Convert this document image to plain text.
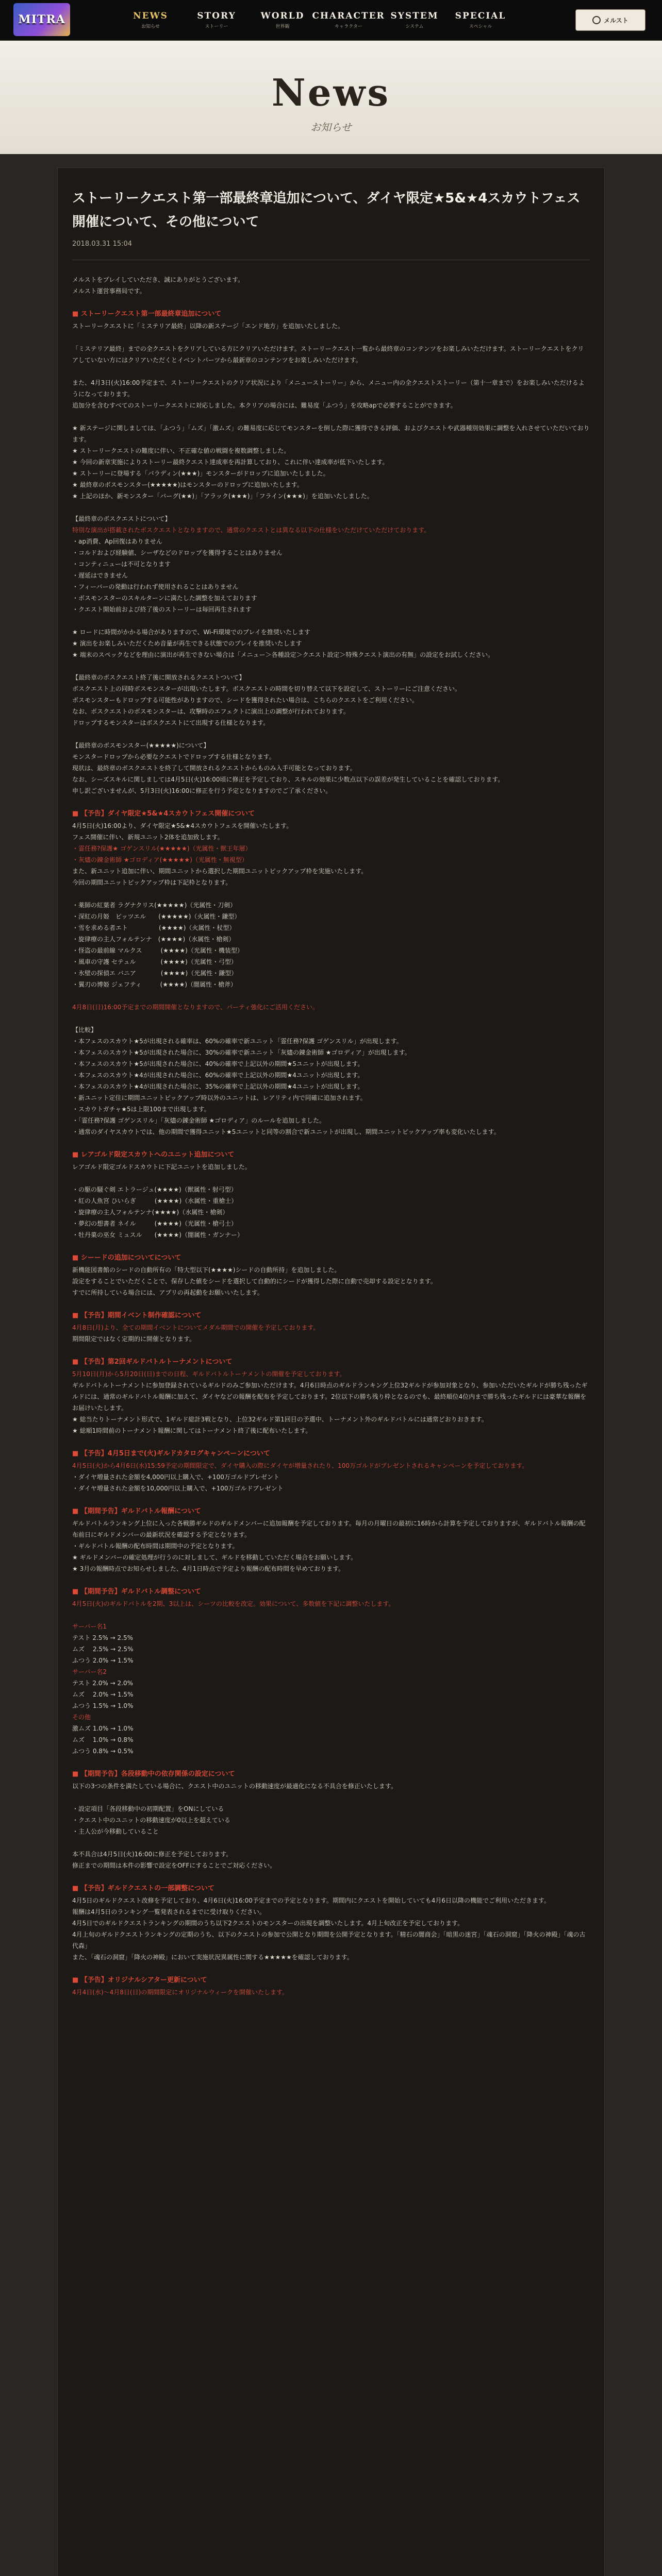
MITRA	NEWS
お知らせ
STORY
ストーリー
WORLD
世界観
CHARACTER
キャラクター
SYSTEM
システム
SPECIAL
スペシャル
メルスト
News
お知らせ
ストーリークエスト第一部最終章追加について、ダイヤ限定★5&★4スカウトフェス開催について、その他について
2018.03.31 15:04
メルストをプレイしていただき、誠にありがとうございます。
メルスト運営事務局です。
■ ストーリークエスト第一部最終章追加について
ストーリークエストに「ミステリア最終」以降の新ステージ「エンド地方」を追加いたしました。
「ミステリア最終」までの全クエストをクリアしている方にクリアいただけます。ストーリークエスト一覧から最終章のコンテンツをお楽しみいただけます。ストーリークエストをクリアしていない方にはクリアいただくとイベントパーツから最新章のコンテンツをお楽しみいただけます。
また、4月3日(火)16:00予定まで、ストーリークエストのクリア状況により「メニューストーリー」から、メニュー内の全クエストストーリー（第十一章まで）をお楽しみいただけるようになっております。
追加分を含むすべてのストーリークエストに対応しました。本クリアの場合には、難易度「ふつう」を攻略apで必要することができます。
★ 新ステージに関しましては、「ふつう」「ムズ」「激ムズ」の難易度に応じてモンスターを倒した際に獲得できる評価、およびクエストや武器種別効果に調整を入れさせていただいております。
★ ストーリークエストの難度に伴い、不正確な値の戦闘を複数調整しました。
★ 今回の新章実施によりストーリー最終クエスト達成率を再計算しており、これに伴い達成率が低下いたします。
★ ストーリーに登場する「パラディン(★★★)」モンスターがドロップに追加いたしました。
★ 最終章のボスモンスター(★★★★★)はモンスターのドロップに追加いたします。
★ 上記のほか、新モンスター「バーグ(★★)」「アラック(★★★)」「フライン(★★★)」を追加いたしました。
【最終章のボスクエストについて】
特別な演出が搭載されたボスクエストとなりますので、通常のクエストとは異なる以下の仕様をいただけていただけております。
・ap消費、Ap回復はありません
・コルドおよび経験値、シーザなどのドロップを獲得することはありません
・コンティニューは不可となります
・遅延はできません
・フィーバーの発動は行われず使用されることはありません
・ボスモンスターのスキルターンに満たした調整を加えております
・クエスト開始前および終了後のストーリーは毎回再生されます
★ ロードに時間がかかる場合がありますので、Wi-Fi環境でのプレイを推奨いたします
★ 演出をお楽しみいただくため音量が再生できる状態でのプレイを推奨いたします
★ 端末のスペックなどを理由に演出が再生できない場合は「メニュー＞各種設定＞クエスト設定＞特殊クエスト演出の有無」の設定をお試しください。
【最終章のボスクエスト終了後に開放されるクエストついて】
ボスクエスト上の同時ボスモンスターが出現いたします。ボスクエストの時間を切り替えて以下を設定して、ストーリーにご注意ください。
ボスモンスターもドロップする可能性がありますので、シードを獲得されたい場合は、こちらのクエストをご利用ください。
なお、ボスクエストのボスモンスターは、攻撃時のエフェクトに演出上の調整が行われております。
ドロップするモンスターはボスクエストにて出現する仕様となります。
【最終章のボスモンスター(★★★★★)について】
モンスタードロップから必要なクエストでドロップする仕様となります。
現状は、最終章のボスクエストを終了して開放されるクエストからものみ入手可能となっております。
なお、シーズスキルに関しましては4月5日(火)16:00頃に修正を予定しており、スキルの効果に少数点以下の誤差が発生していることを確認しております。
申し訳ございませんが、5月3日(火)16:00に修正を行う予定となりますのでご了承ください。
■ 【予告】ダイヤ限定★5&★4スカウトフェス開催について
4月5日(火)16:00より、ダイヤ限定★5&★4スカウトフェスを開催いたします。
フェス開催に伴い、新規ユニット2体を追加致します。
・霊任務?保護★ ゴゲンスリル(★★★★★)（光属性・獣王年層）
・灰燼の錬金術師 ★ゴロディア(★★★★★)（光属性・無視型）
また、新ユニット追加に伴い、期間ユニットから選択した期間ユニットピックアップ枠を実施いたします。
今回の期間ユニットピックアップ枠は下記枠となります。
・薬師の紅葉者 ラグナクリス(★★★★★)（光属性・刀剣）
・深紅の月姫　ビッツエル　　(★★★★★)（火属性・鎌型）
・雪を求める者エト　　　　　(★★★★)（火属性・杖型）
・旋律療の主人フォルテンナ　(★★★★)（水属性・槍剣）
・怪盗の最前線 マルクス　　　(★★★★)（光属性・機装型）
・風車の守護 セテュル　　　　(★★★★)（光属性・弓型）
・氷壁の探偵エ バニア　　　　(★★★★)（光属性・鎌型）
・翼刃の博姫 ジェフティ　　　(★★★★)（闇属性・槍斧）
4月8日(日)16:00予定までの期間開催となりますので、パーティ強化にご活用ください。
【比較】
・本フェスのスカウト★5が出現される確率は、60%の確率で新ユニット「霊任務?保護 ゴゲンスリル」が出現します。
・本フェスのスカウト★5が出現された場合に、30%の確率で新ユニット「灰燼の錬金術師 ★ゴロディア」が出現します。
・本フェスのスカウト★5が出現された場合に、40%の確率で上記以外の期間★5ユニットが出現します。
・本フェスのスカウト★4が出現された場合に、60%の確率で上記以外の期間★4ユニットが出現します。
・本フェスのスカウト★4が出現された場合に、35%の確率で上記以外の期間★4ユニットが出現します。
・新ユニット定住に期間ユニットピックアップ時以外のユニットは、レアリティ内で同確に追加されます。
・スカウトガチャ★5は上限100まで出現します。
・「霊任務?保護 ゴゲンスリル」「灰燼の錬金術師 ★ゴロディア」のルールを追加しました。
・通常のダイヤスカウトでは、他の期間で獲得ユニット★5ユニットと同等の割合で新ユニットが出現し、期間ユニットピックアップ率も変化いたします。
■ レアゴルド限定スカウトへのユニット追加について
レアゴルド限定ゴルドスカウトに下記ユニットを追加しました。
・の駆の騒ぐ剣 エトラージュ(★★★★)（獣属性・射弓型）
・紅の人魚宮 ひいらぎ　　　(★★★★)（水属性・重槍士）
・旋律療の主人フォルテンナ(★★★★)（水属性・槍剣）
・夢幻の想書者 ネイル　　　(★★★★)（光属性・槍弓士）
・牡丹菓の巫女 ミュスル　　(★★★★)（闇属性・ガンナー）
■ シーードの追加についてについて
新機能図書館のシードの自動所有の「特大型以下(★★★★)シードの自動所持」を追加しました。
設定をすることでいただくことで、保存した値をシードを選択して自動的にシードが獲得した際に自動で売却する設定となります。
すでに所持している場合には、アプリの再起動をお願いいたします。
■ 【予告】期間イベント制作確認について
4月8日(月)より、全ての期間イベントについてメダル期間での開催を予定しております。
期間限定ではなく定期的に開催となります。
■ 【予告】第2回ギルドバトルトーナメントについて
5月10日(月)から5月20日(日)までの日程、ギルドバトルトーナメントの開催を予定しております。
ギルドバトルトーナメントに参加登録されているギルドのみご参加いただけます。4月6日時点のギルドランキング上位32ギルドが参加対象となり、参加いただいたギルドが勝ち残ったギルドには、通常のギルドバトル報酬に加えて、ダイヤなどの報酬を配布を予定しております。2位以下の勝ち残り枠となるのでも、最終順位4位内まで勝ち残ったギルドには豪華な報酬をお届けいたします。
★ 総当たりトーナメント形式で、1ギルド総計3戦となり、上位32ギルド第1回目の予選中、トーナメント外のギルドバトルには通常どおりおきます。
★ 総順1時間前のトーナメント報酬に関してはトーナメント終了後に配布いたします。
■ 【予告】4月5日まで(火)ギルドカタログキャンペーンについて
4月5日(火)から4月6日(水)15:59予定の期間限定で、ダイヤ購入の際にダイヤが増量されたり、100万ゴルドがプレゼントされるキャンペーンを予定しております。
・ダイヤ増量された金額を4,000円以上購入で、+100万ゴルドプレゼント
・ダイヤ増量された金額を10,000円以上購入で、+100万ゴルドプレゼント
■ 【期間予告】ギルドバトル報酬について
ギルドバトルランキング上位に入った各戦勝ギルドのギルドメンバーに追加報酬を予定しております。毎月の月曜日の最初に16時から計算を予定しておりますが、ギルドバトル報酬の配布前日にギルドメンバーの最新状況を確認する予定となります。
・ギルドバトル報酬の配布時間は期間中の予定となります。
★ ギルドメンバーの確定処理が行うのに対しまして、ギルドを移動していただく場合をお願いします。
★ 3月の報酬時点でお知らせしました、4月1日時点で予定より報酬の配布時間を早めております。
■ 【期間予告】ギルドバトル調整について
4月5日(火)のギルドバトルを2期、3以上は、シーツの比較を改定。効果について、多数値を下記に調整いたします。
サーバー名1
テスト 2.5% → 2.5%
ムズ　 2.5% → 2.5%
ふつう 2.0% → 1.5%
サーバー名2
テスト 2.0% → 2.0%
ムズ　 2.0% → 1.5%
ふつう 1.5% → 1.0%
その他
激ムズ 1.0% → 1.0%
ムズ　 1.0% → 0.8%
ふつう 0.8% → 0.5%
■ 【期間予告】各段移動中の依存関係の設定について
以下の3つの条件を満たしている場合に、クエスト中のユニットの移動速度が最適化になる不具合を修正いたします。
・設定項目「各段移動中の初期配置」をONにしている
・クエスト中のユニットの移動速度が0以上を超えている
・主人公が今移動していること
本不具合は4月5日(火)16:00に修正を予定しております。
修正までの期間は本件の影響で設定をOFFにすることでご対応ください。
■ 【予告】ギルドクエストの一部調整について
4月5日のギルドクエスト改修を予定しており、4月6日(火)16:00予定までの予定となります。期間内にクエストを開始していても4月6日以降の機能でご利用いただきます。
報酬は4月5日のランキング一覧発表されるまでに受け取りください。
4月5日でのギルドクエストランキングの期間のうち以下2クエストのモンスターの出現を調整いたします。4月上旬改正を予定しております。
4月上旬のギルドクエストランキングの定期のうち、以下のクエストの参加で公開となり期間を公開予定となります。「精石の闇商会」「暗黒の迷宮」「魂石の洞窟」「降火の神殿」「魂の古代森」
また、「魂石の洞窟」「降火の神殿」において実施状況異属性に関する★★★★★を確認しております。
■ 【予告】オリジナルシアター更新について
4月4日(水)～4月8日(日)の期間限定にオリジナルウィークを開催いたします。
